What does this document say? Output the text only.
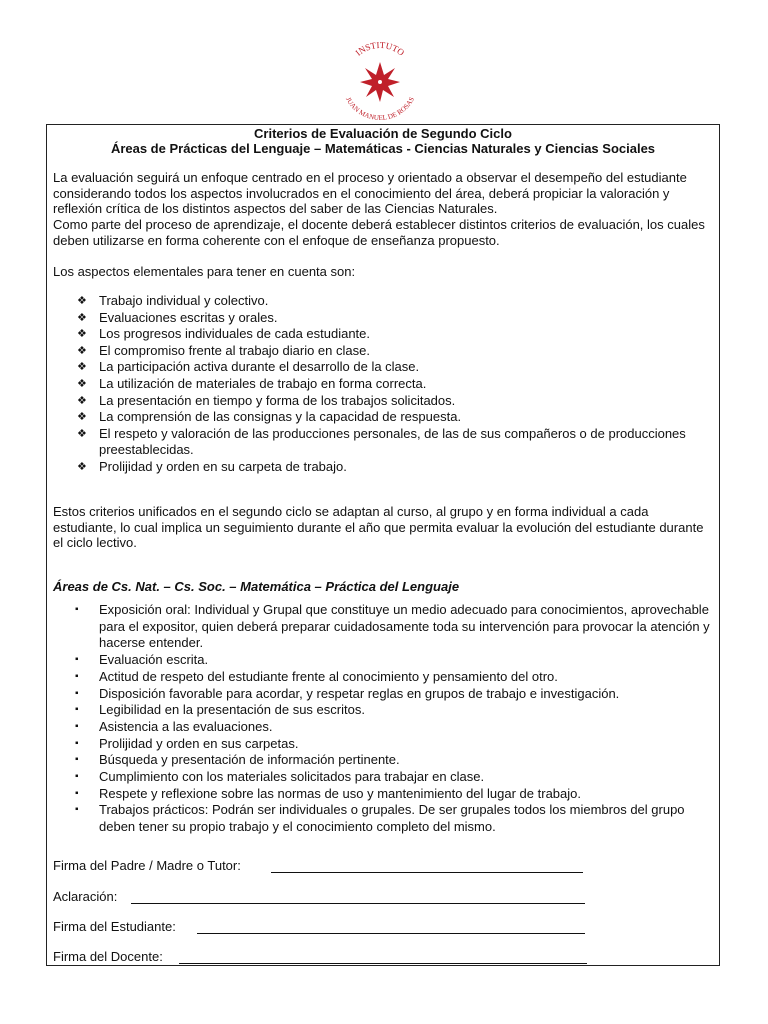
INSTITUTO
JUAN MANUEL DE ROSAS
Criterios de Evaluación de Segundo Ciclo
Áreas de Prácticas del Lenguaje – Matemáticas - Ciencias Naturales y Ciencias Sociales

La evaluación seguirá un enfoque centrado en el proceso y orientado a observar el desempeño del estudiante considerando todos los aspectos involucrados en el conocimiento del área, deberá propiciar la valoración y reflexión crítica de los distintos aspectos del saber de las Ciencias Naturales.

Como parte del proceso de aprendizaje, el docente deberá establecer distintos criterios de evaluación, los cuales deben utilizarse en forma coherente con el enfoque de enseñanza propuesto.

Los aspectos elementales para tener en cuenta son:

❖ Trabajo individual y colectivo.
❖ Evaluaciones escritas y orales.
❖ Los progresos individuales de cada estudiante.
❖ El compromiso frente al trabajo diario en clase.
❖ La participación activa durante el desarrollo de la clase.
❖ La utilización de materiales de trabajo en forma correcta.
❖ La presentación en tiempo y forma de los trabajos solicitados.
❖ La comprensión de las consignas y la capacidad de respuesta.
❖ El respeto y valoración de las producciones personales, de las de sus compañeros o de producciones preestablecidas.
❖ Prolijidad y orden en su carpeta de trabajo.

Estos criterios unificados en el segundo ciclo se adaptan al curso, al grupo y en forma individual a cada estudiante, lo cual implica un seguimiento durante el año que permita evaluar la evolución del estudiante durante el ciclo lectivo.

Áreas de Cs. Nat. – Cs. Soc. – Matemática – Práctica del Lenguaje
▪ Exposición oral: Individual y Grupal que constituye un medio adecuado para conocimientos, aprovechable para el expositor, quien deberá preparar cuidadosamente toda su intervención para provocar la atención y hacerse entender.
▪ Evaluación escrita.
▪ Actitud de respeto del estudiante frente al conocimiento y pensamiento del otro.
▪ Disposición favorable para acordar, y respetar reglas en grupos de trabajo e investigación.
▪ Legibilidad en la presentación de sus escritos.
▪ Asistencia a las evaluaciones.
▪ Prolijidad y orden en sus carpetas.
▪ Búsqueda y presentación de información pertinente.
▪ Cumplimiento con los materiales solicitados para trabajar en clase.
▪ Respete y reflexione sobre las normas de uso y mantenimiento del lugar de trabajo.
▪ Trabajos prácticos: Podrán ser individuales o grupales. De ser grupales todos los miembros del grupo deben tener su propio trabajo y el conocimiento completo del mismo.
Firma del Padre / Madre o Tutor:
Aclaración:
Firma del Estudiante:
Firma del Docente:
